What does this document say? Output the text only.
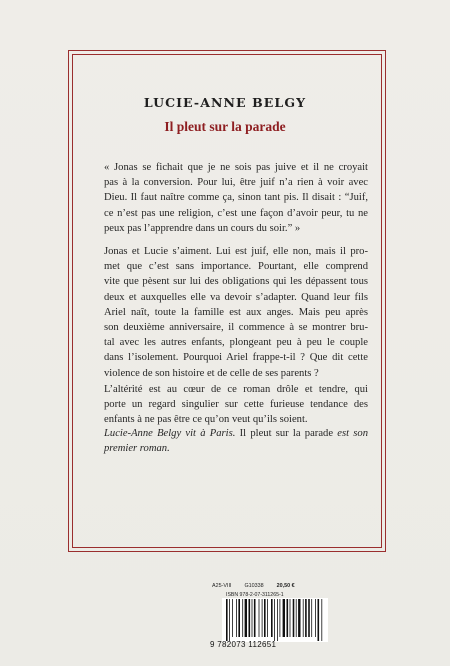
LUCIE-ANNE BELGY
Il pleut sur la parade
« Jonas se fichait que je ne sois pas juive et il ne croyait
pas à la conversion. Pour lui, être juif n’a rien à voir avec
Dieu. Il faut naître comme ça, sinon tant pis. Il disait : “Juif,
ce n’est pas une religion, c’est une façon d’avoir peur, tu ne
peux pas l’apprendre dans un cours du soir.” »
Jonas et Lucie s’aiment. Lui est juif, elle non, mais il pro-
met que c’est sans importance. Pourtant, elle comprend
vite que pèsent sur lui des obligations qui les dépassent tous
deux et auxquelles elle va devoir s’adapter. Quand leur fils
Ariel naît, toute la famille est aux anges. Mais peu après
son deuxième anniversaire, il commence à se montrer bru-
tal avec les autres enfants, plongeant peu à peu le couple
dans l’isolement. Pourquoi Ariel frappe-t-il ? Que dit cette
violence de son histoire et de celle de ses parents ?
L’altérité est au cœur de ce roman drôle et tendre, qui
porte un regard singulier sur cette furieuse tendance des
enfants à ne pas être ce qu’on veut qu’ils soient.
Lucie-Anne Belgy vit à Paris. Il pleut sur la parade est son
premier roman.
A25-VIII G10338 20,50 €
ISBN 978-2-07-311265-1
9 782073 112651
